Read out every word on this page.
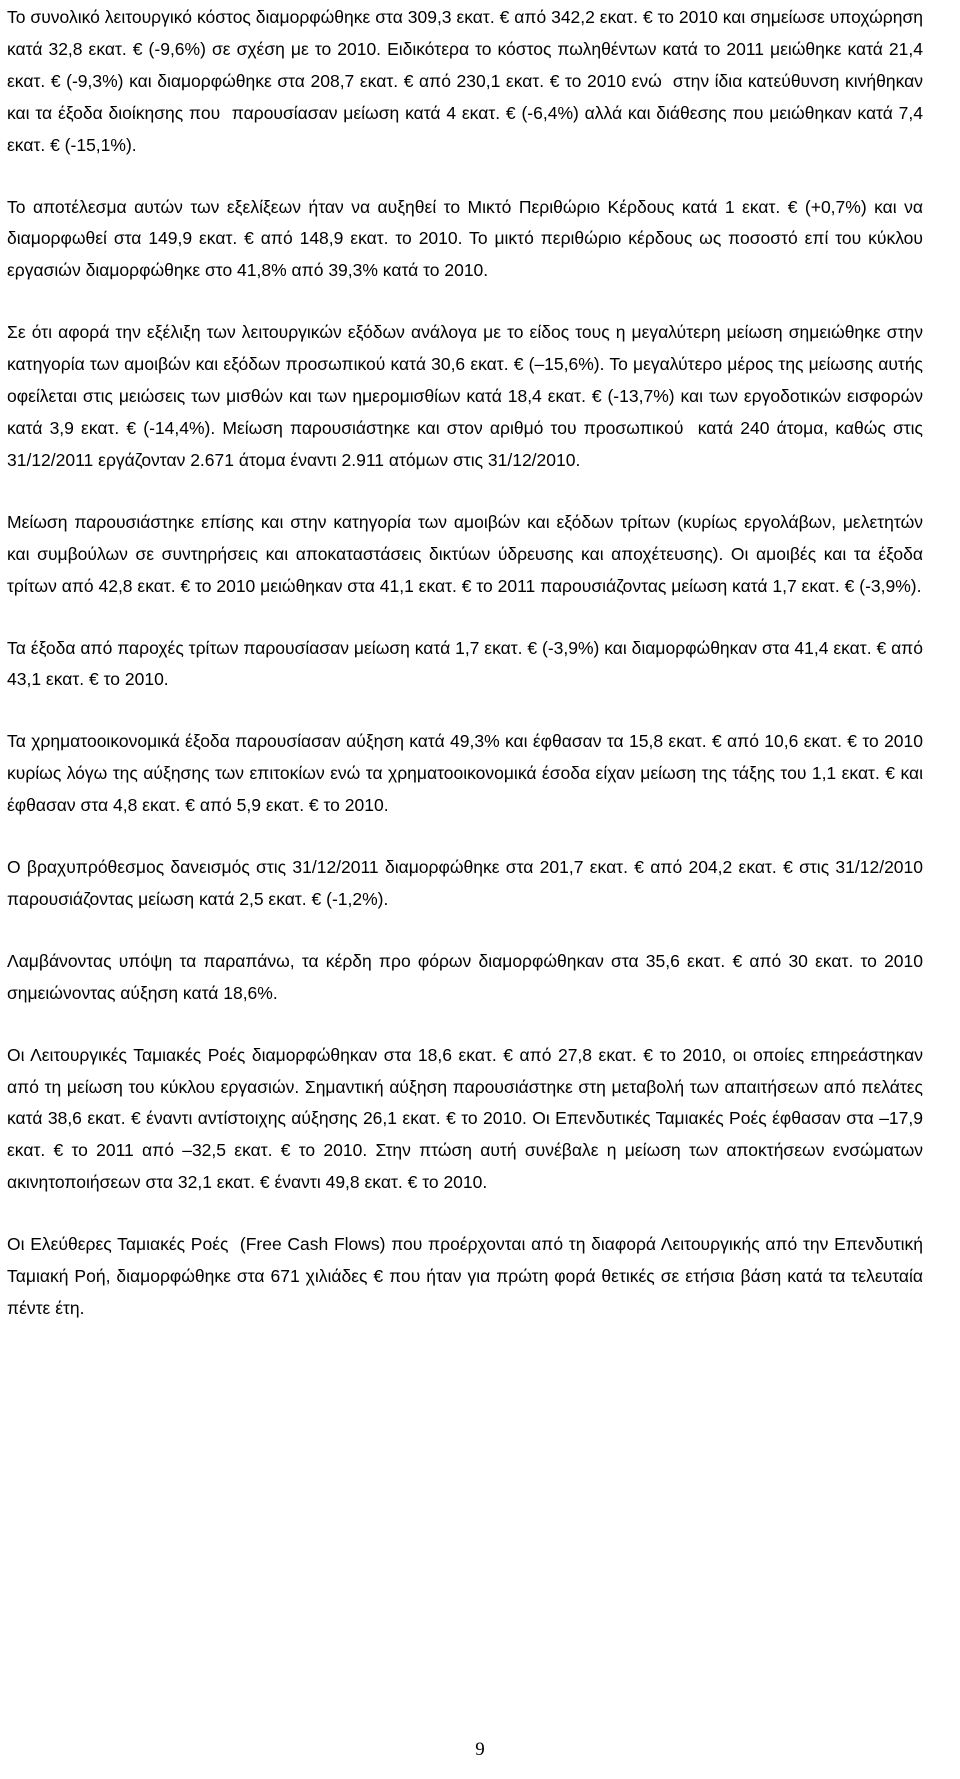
Το συνολικό λειτουργικό κόστος διαμορφώθηκε στα 309,3 εκατ. € από 342,2 εκατ. € το 2010 και σημείωσε υποχώρηση κατά 32,8 εκατ. € (-9,6%) σε σχέση με το 2010. Ειδικότερα το κόστος πωληθέντων κατά το 2011 μειώθηκε κατά 21,4 εκατ. € (-9,3%) και διαμορφώθηκε στα 208,7 εκατ. € από 230,1 εκατ. € το 2010 ενώ  στην ίδια κατεύθυνση κινήθηκαν και τα έξοδα διοίκησης που  παρουσίασαν μείωση κατά 4 εκατ. € (-6,4%) αλλά και διάθεσης που μειώθηκαν κατά 7,4 εκατ. € (-15,1%).

Το αποτέλεσμα αυτών των εξελίξεων ήταν να αυξηθεί το Μικτό Περιθώριο Κέρδους κατά 1 εκατ. € (+0,7%) και να διαμορφωθεί στα 149,9 εκατ. € από 148,9 εκατ. το 2010. Το μικτό περιθώριο κέρδους ως ποσοστό επί του κύκλου εργασιών διαμορφώθηκε στο 41,8% από 39,3% κατά το 2010.

Σε ότι αφορά την εξέλιξη των λειτουργικών εξόδων ανάλογα με το είδος τους η μεγαλύτερη μείωση σημειώθηκε στην κατηγορία των αμοιβών και εξόδων προσωπικού κατά 30,6 εκατ. € (–15,6%). Το μεγαλύτερο μέρος της μείωσης αυτής οφείλεται στις μειώσεις των μισθών και των ημερομισθίων κατά 18,4 εκατ. € (-13,7%) και των εργοδοτικών εισφορών κατά 3,9 εκατ. € (-14,4%). Μείωση παρουσιάστηκε και στον αριθμό του προσωπικού  κατά 240 άτομα, καθώς στις 31/12/2011 εργάζονταν 2.671 άτομα έναντι 2.911 ατόμων στις 31/12/2010.

Μείωση παρουσιάστηκε επίσης και στην κατηγορία των αμοιβών και εξόδων τρίτων (κυρίως εργολάβων, μελετητών και συμβούλων σε συντηρήσεις και αποκαταστάσεις δικτύων ύδρευσης και αποχέτευσης). Οι αμοιβές και τα έξοδα τρίτων από 42,8 εκατ. € το 2010 μειώθηκαν στα 41,1 εκατ. € το 2011 παρουσιάζοντας μείωση κατά 1,7 εκατ. € (-3,9%).

Τα έξοδα από παροχές τρίτων παρουσίασαν μείωση κατά 1,7 εκατ. € (-3,9%) και διαμορφώθηκαν στα 41,4 εκατ. € από 43,1 εκατ. € το 2010.

Τα χρηματοοικονομικά έξοδα παρουσίασαν αύξηση κατά 49,3% και έφθασαν τα 15,8 εκατ. € από 10,6 εκατ. € το 2010 κυρίως λόγω της αύξησης των επιτοκίων ενώ τα χρηματοοικονομικά έσοδα είχαν μείωση της τάξης του 1,1 εκατ. € και έφθασαν στα 4,8 εκατ. € από 5,9 εκατ. € το 2010.

Ο βραχυπρόθεσμος δανεισμός στις 31/12/2011 διαμορφώθηκε στα 201,7 εκατ. € από 204,2 εκατ. € στις 31/12/2010 παρουσιάζοντας μείωση κατά 2,5 εκατ. € (-1,2%).

Λαμβάνοντας υπόψη τα παραπάνω, τα κέρδη προ φόρων διαμορφώθηκαν στα 35,6 εκατ. € από 30 εκατ. το 2010 σημειώνοντας αύξηση κατά 18,6%.

Οι Λειτουργικές Ταμιακές Ροές διαμορφώθηκαν στα 18,6 εκατ. € από 27,8 εκατ. € το 2010, οι οποίες επηρεάστηκαν από τη μείωση του κύκλου εργασιών. Σημαντική αύξηση παρουσιάστηκε στη μεταβολή των απαιτήσεων από πελάτες κατά 38,6 εκατ. € έναντι αντίστοιχης αύξησης 26,1 εκατ. € το 2010. Οι Επενδυτικές Ταμιακές Ροές έφθασαν στα –17,9 εκατ. € το 2011 από –32,5 εκατ. € το 2010. Στην πτώση αυτή συνέβαλε η μείωση των αποκτήσεων ενσώματων ακινητοποιήσεων στα 32,1 εκατ. € έναντι 49,8 εκατ. € το 2010.

Οι Ελεύθερες Ταμιακές Ροές  (Free Cash Flows) που προέρχονται από τη διαφορά Λειτουργικής από την Επενδυτική Ταμιακή Ροή, διαμορφώθηκε στα 671 χιλιάδες € που ήταν για πρώτη φορά θετικές σε ετήσια βάση κατά τα τελευταία πέντε έτη.

9
